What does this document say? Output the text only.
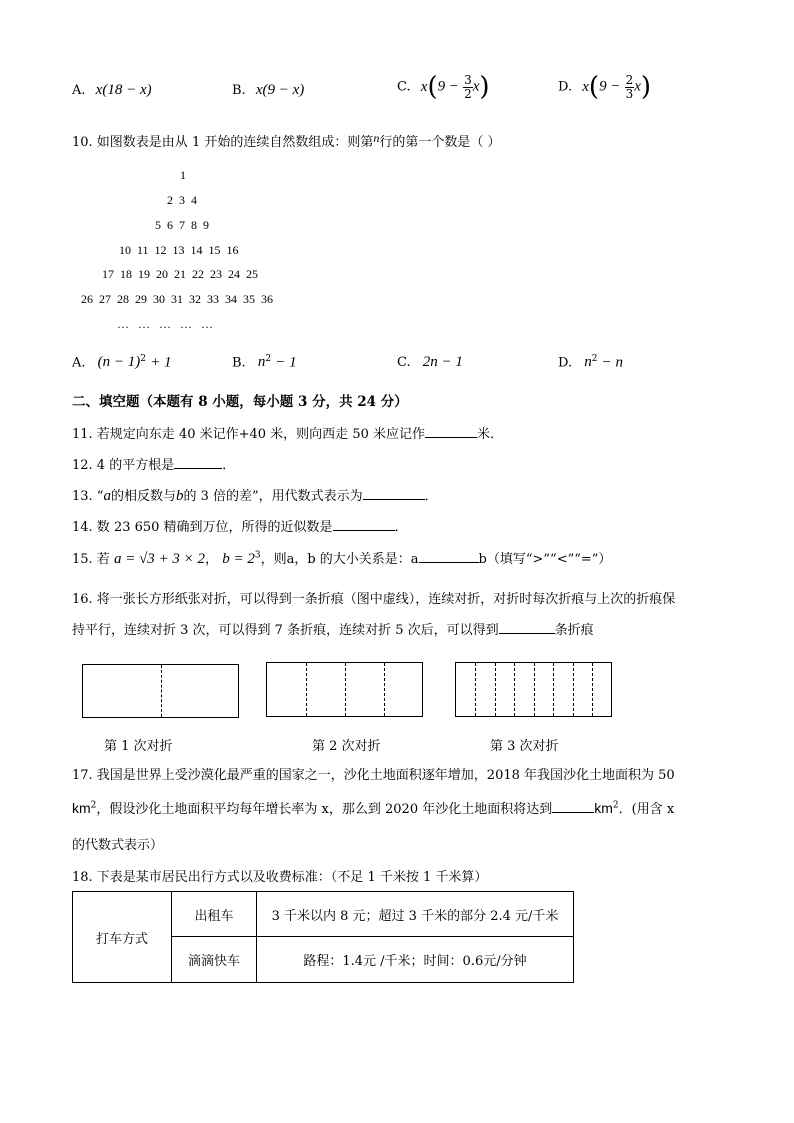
A. x(18 − x)	B. x(9 − x)	C. $x(9 - \frac{3}{2} x)$	D. $x(9 - \frac{2}{3} x)$
10. 如图数表是由从 1 开始的连续自然数组成：则第n行的第一个数是（ ）
1
2  3  4
5  6  7  8  9
10  11  12  13  14  15  16
17  18  19  20  21  22  23  24  25
26  27  28  29  30  31  32  33  34  35  36
…  …  …  …  …
A. $(n - 1)^2 + 1$	B. $n^2 - 1$	C. 2n − 1	D. $n^2 - n$
二、填空题（本题有 8 小题，每小题 3 分，共 24 分）
11. 若规定向东走 40 米记作+40 米，则向西走 50 米应记作	米．
12. 4 的平方根是	．
13. “a的相反数与b的 3 倍的差”，用代数式表示为	．
14. 数 23 650 精确到万位，所得的近似数是	．
15. 若 a = √3 + 3 × 2， $b = 2^3$，则a，b 的大小关系是：a	b（填写“>”“<”“=”）
16. 将一张长方形纸张对折，可以得到一条折痕（图中虚线），连续对折，对折时每次折痕与上次的折痕保
持平行，连续对折 3 次，可以得到 7 条折痕，连续对折 5 次后，可以得到	条折痕
第 1 次对折	第 2 次对折	第 3 次对折
17. 我国是世界上受沙漠化最严重的国家之一，沙化土地面积逐年增加，2018 年我国沙化土地面积为 50
$km^2$，假设沙化土地面积平均每年增长率为 x，那么到 2020 年沙化土地面积将达到	$km^2$．(用含 x
的代数式表示）
18. 下表是某市居民出行方式以及收费标准：（不足 1 千米按 1 千米算）
打车方式	出租车	3 千米以内 8 元；超过 3 千米的部分 2.4 元/千米
	滴滴快车	路程：1.4元 /千米；时间：0.6元/分钟
